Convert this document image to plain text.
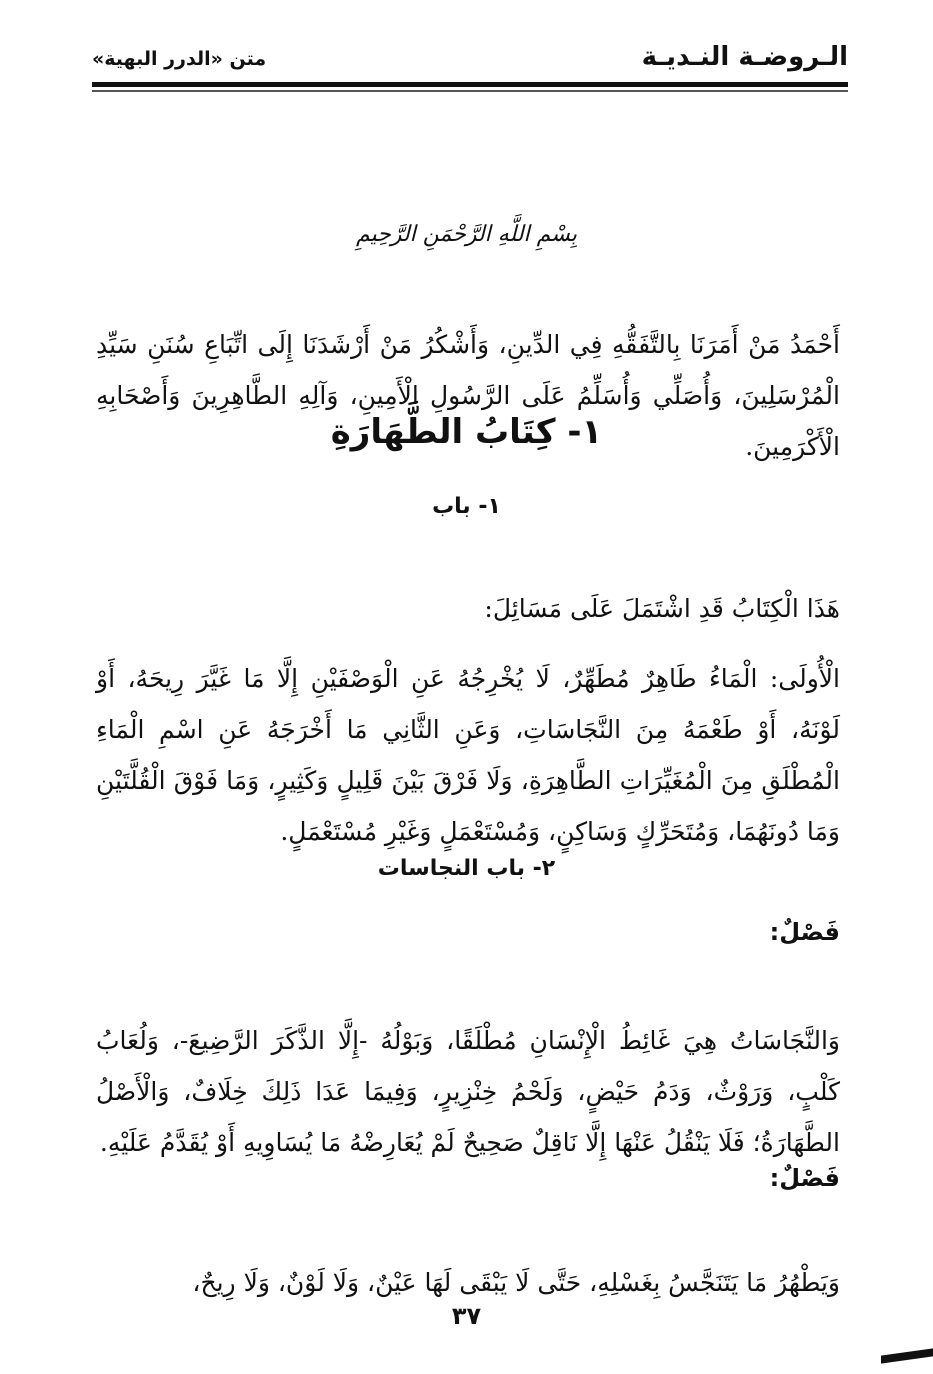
الـروضـة النـديـة
متن «الدرر البهية»
بِسْمِ اللَّهِ الرَّحْمَنِ الرَّحِيمِ

أَحْمَدُ مَنْ أَمَرَنَا بِالتَّفَقُّهِ فِي الدِّينِ، وَأَشْكُرُ مَنْ أَرْشَدَنَا إِلَى اتِّبَاعِ سُنَنِ سَيِّدِ الْمُرْسَلِينَ، وَأُصَلِّي وَأُسَلِّمُ عَلَى الرَّسُولِ الْأَمِينِ، وَآلِهِ الطَّاهِرِينَ وَأَصْحَابِهِ الْأَكْرَمِينَ.

١- كِتَابُ الطَّهَارَةِ
١- باب

هَذَا الْكِتَابُ قَدِ اشْتَمَلَ عَلَى مَسَائِلَ:

الْأُولَى: الْمَاءُ طَاهِرٌ مُطَهِّرٌ، لَا يُخْرِجُهُ عَنِ الْوَصْفَيْنِ إِلَّا مَا غَيَّرَ رِيحَهُ، أَوْ لَوْنَهُ، أَوْ طَعْمَهُ مِنَ النَّجَاسَاتِ، وَعَنِ الثَّانِي مَا أَخْرَجَهُ عَنِ اسْمِ الْمَاءِ الْمُطْلَقِ مِنَ الْمُغَيِّرَاتِ الطَّاهِرَةِ، وَلَا فَرْقَ بَيْنَ قَلِيلٍ وَكَثِيرٍ، وَمَا فَوْقَ الْقُلَّتَيْنِ وَمَا دُونَهُمَا، وَمُتَحَرِّكٍ وَسَاكِنٍ، وَمُسْتَعْمَلٍ وَغَيْرِ مُسْتَعْمَلٍ.

٢- باب النجاسات
فَصْلٌ:

وَالنَّجَاسَاتُ هِيَ غَائِطُ الْإِنْسَانِ مُطْلَقًا، وَبَوْلُهُ -إِلَّا الذَّكَرَ الرَّضِيعَ-، وَلُعَابُ كَلْبٍ، وَرَوْثٌ، وَدَمُ حَيْضٍ، وَلَحْمُ خِنْزِيرٍ، وَفِيمَا عَدَا ذَلِكَ خِلَافٌ، وَالْأَصْلُ الطَّهَارَةُ؛ فَلَا يَنْقُلُ عَنْهَا إِلَّا نَاقِلٌ صَحِيحٌ لَمْ يُعَارِضْهُ مَا يُسَاوِيهِ أَوْ يُقَدَّمُ عَلَيْهِ.

فَصْلٌ:

وَيَطْهُرُ مَا يَتَنَجَّسُ بِغَسْلِهِ، حَتَّى لَا يَبْقَى لَهَا عَيْنٌ، وَلَا لَوْنٌ، وَلَا رِيحٌ،

٣٧
